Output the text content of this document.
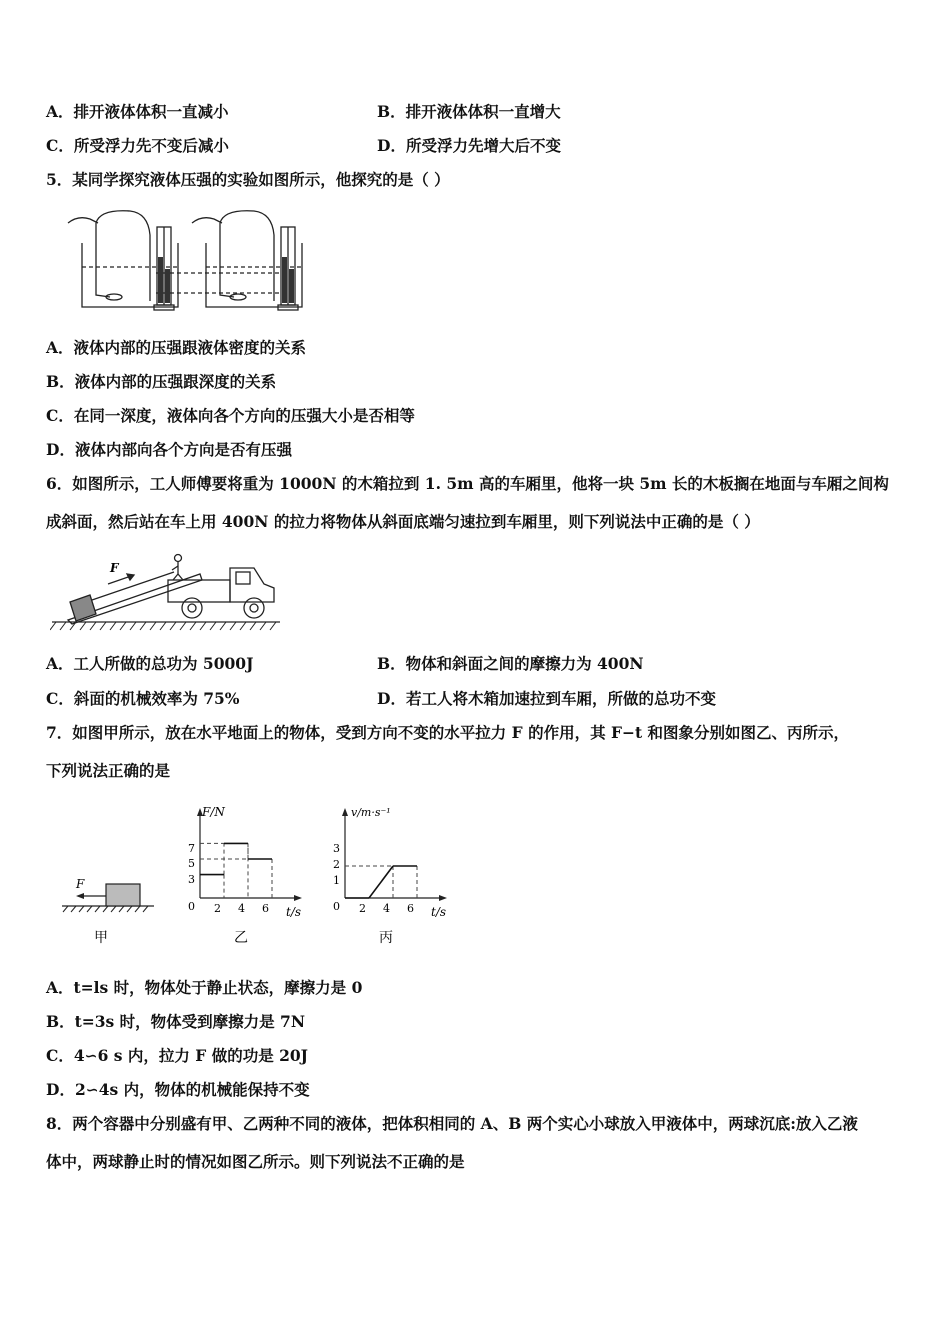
A．排开液体体积一直减小	B．排开液体体积一直增大
C．所受浮力先不变后减小	D．所受浮力先增大后不变
5．某同学探究液体压强的实验如图所示，他探究的是（ ）
A．液体内部的压强跟液体密度的关系
B．液体内部的压强跟深度的关系
C．在同一深度，液体向各个方向的压强大小是否相等
D．液体内部向各个方向是否有压强
6．如图所示，工人师傅要将重为 1000N 的木箱拉到 1. 5m 高的车厢里，他将一块 5m 长的木板搁在地面与车厢之间构
成斜面，然后站在车上用 400N 的拉力将物体从斜面底端匀速拉到车厢里，则下列说法中正确的是（ ）
F
A．工人所做的总功为 5000J	B．物体和斜面之间的摩擦力为 400N
C．斜面的机械效率为 75%	D．若工人将木箱加速拉到车厢，所做的总功不变
7．如图甲所示，放在水平地面上的物体，受到方向不变的水平拉力 F 的作用，其 F−t 和图象分别如图乙、丙所示，
下列说法正确的是
F
甲
F/N
t/s
7
5
3
0 2 4 6
乙
v/m·s⁻¹
t/s
3
2
1
0 2 4 6
丙
A．t=ls 时，物体处于静止状态，摩擦力是 0
B．t=3s 时，物体受到摩擦力是 7N
C．4∽6 s 内，拉力 F 做的功是 20J
D．2∽4s 内，物体的机械能保持不变
8．两个容器中分别盛有甲、乙两种不同的液体，把体积相同的 A、B 两个实心小球放入甲液体中，两球沉底:放入乙液
体中，两球静止时的情况如图乙所示。则下列说法不正确的是
